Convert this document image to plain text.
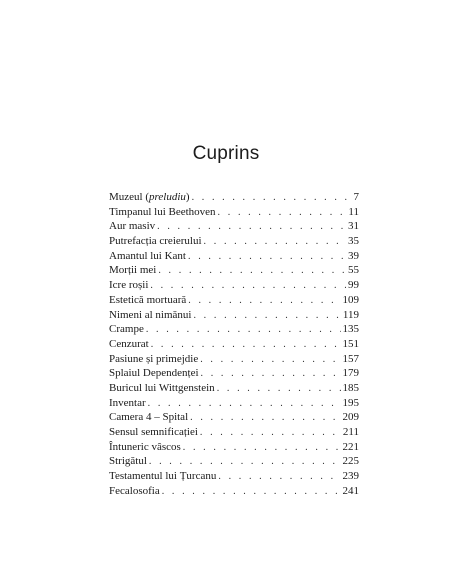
Cuprins
Muzeul (preludiu) . . .	7
Timpanul lui Beethoven . . .	11
Aur masiv . . .	31
Putrefacția creierului . . .	35
Amantul lui Kant . . .	39
Morții mei . . .	55
Icre roșii . . .	99
Estetică mortuară . . .	109
Nimeni al nimănui . . .	119
Crampe . . .	135
Cenzurat . . .	151
Pasiune și primejdie . . .	157
Splaiul Dependenței . . .	179
Buricul lui Wittgenstein . . .	185
Inventar . . .	195
Camera 4 – Spital . . .	209
Sensul semnificației . . .	211
Întuneric vâscos . . .	221
Strigătul . . .	225
Testamentul lui Țurcanu . . .	239
Fecalosofia . . .	241
